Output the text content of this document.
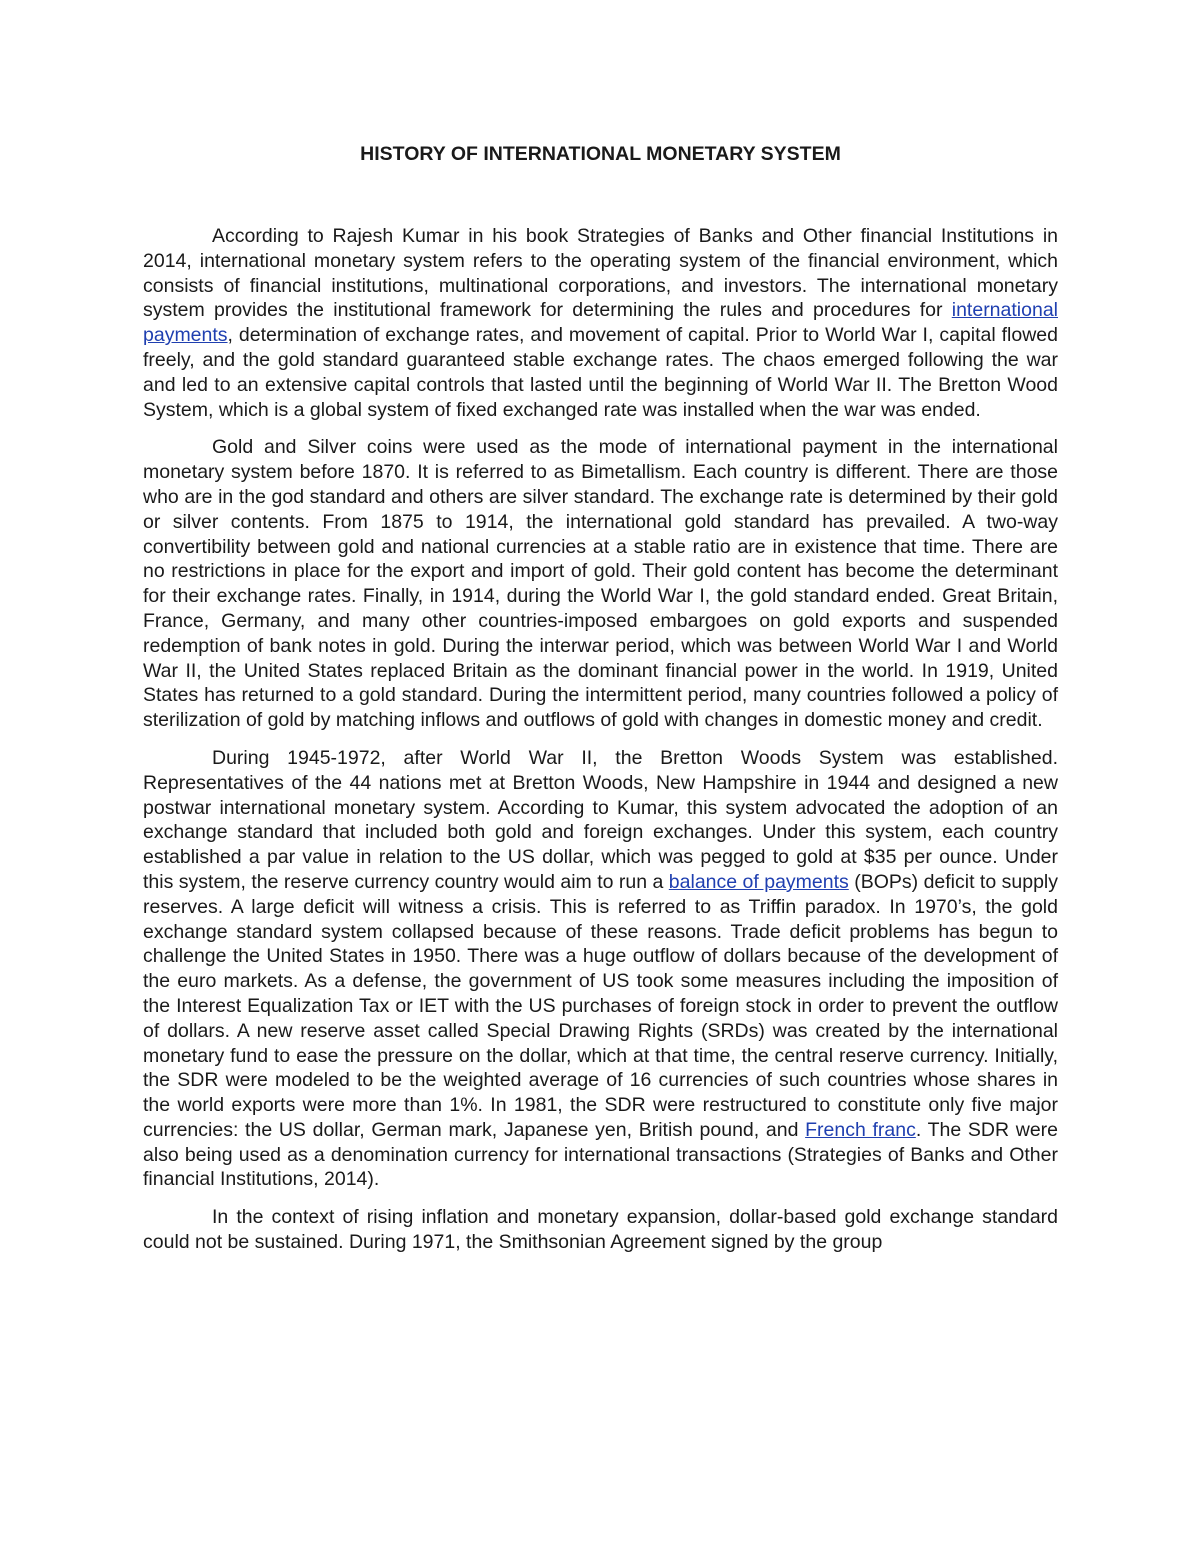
HISTORY OF INTERNATIONAL MONETARY SYSTEM

According to Rajesh Kumar in his book Strategies of Banks and Other financial Institutions in 2014, international monetary system refers to the operating system of the financial environment, which consists of financial institutions, multinational corporations, and investors. The international monetary system provides the institutional framework for determining the rules and procedures for international payments, determination of exchange rates, and movement of capital. Prior to World War I, capital flowed freely, and the gold standard guaranteed stable exchange rates. The chaos emerged following the war and led to an extensive capital controls that lasted until the beginning of World War II. The Bretton Wood System, which is a global system of fixed exchanged rate was installed when the war was ended.

Gold and Silver coins were used as the mode of international payment in the international monetary system before 1870. It is referred to as Bimetallism. Each country is different. There are those who are in the god standard and others are silver standard. The exchange rate is determined by their gold or silver contents. From 1875 to 1914, the international gold standard has prevailed. A two-way convertibility between gold and national currencies at a stable ratio are in existence that time. There are no restrictions in place for the export and import of gold. Their gold content has become the determinant for their exchange rates. Finally, in 1914, during the World War I, the gold standard ended. Great Britain, France, Germany, and many other countries-imposed embargoes on gold exports and suspended redemption of bank notes in gold. During the interwar period, which was between World War I and World War II, the United States replaced Britain as the dominant financial power in the world. In 1919, United States has returned to a gold standard. During the intermittent period, many countries followed a policy of sterilization of gold by matching inflows and outflows of gold with changes in domestic money and credit.

During 1945-1972, after World War II, the Bretton Woods System was established. Representatives of the 44 nations met at Bretton Woods, New Hampshire in 1944 and designed a new postwar international monetary system. According to Kumar, this system advocated the adoption of an exchange standard that included both gold and foreign exchanges. Under this system, each country established a par value in relation to the US dollar, which was pegged to gold at $35 per ounce. Under this system, the reserve currency country would aim to run a balance of payments (BOPs) deficit to supply reserves. A large deficit will witness a crisis. This is referred to as Triffin paradox. In 1970’s, the gold exchange standard system collapsed because of these reasons. Trade deficit problems has begun to challenge the United States in 1950. There was a huge outflow of dollars because of the development of the euro markets. As a defense, the government of US took some measures including the imposition of the Interest Equalization Tax or IET with the US purchases of foreign stock in order to prevent the outflow of dollars. A new reserve asset called Special Drawing Rights (SRDs) was created by the international monetary fund to ease the pressure on the dollar, which at that time, the central reserve currency. Initially, the SDR were modeled to be the weighted average of 16 currencies of such countries whose shares in the world exports were more than 1%. In 1981, the SDR were restructured to constitute only five major currencies: the US dollar, German mark, Japanese yen, British pound, and French franc. The SDR were also being used as a denomination currency for international transactions (Strategies of Banks and Other financial Institutions, 2014).

In the context of rising inflation and monetary expansion, dollar-based gold exchange standard could not be sustained. During 1971, the Smithsonian Agreement signed by the group
